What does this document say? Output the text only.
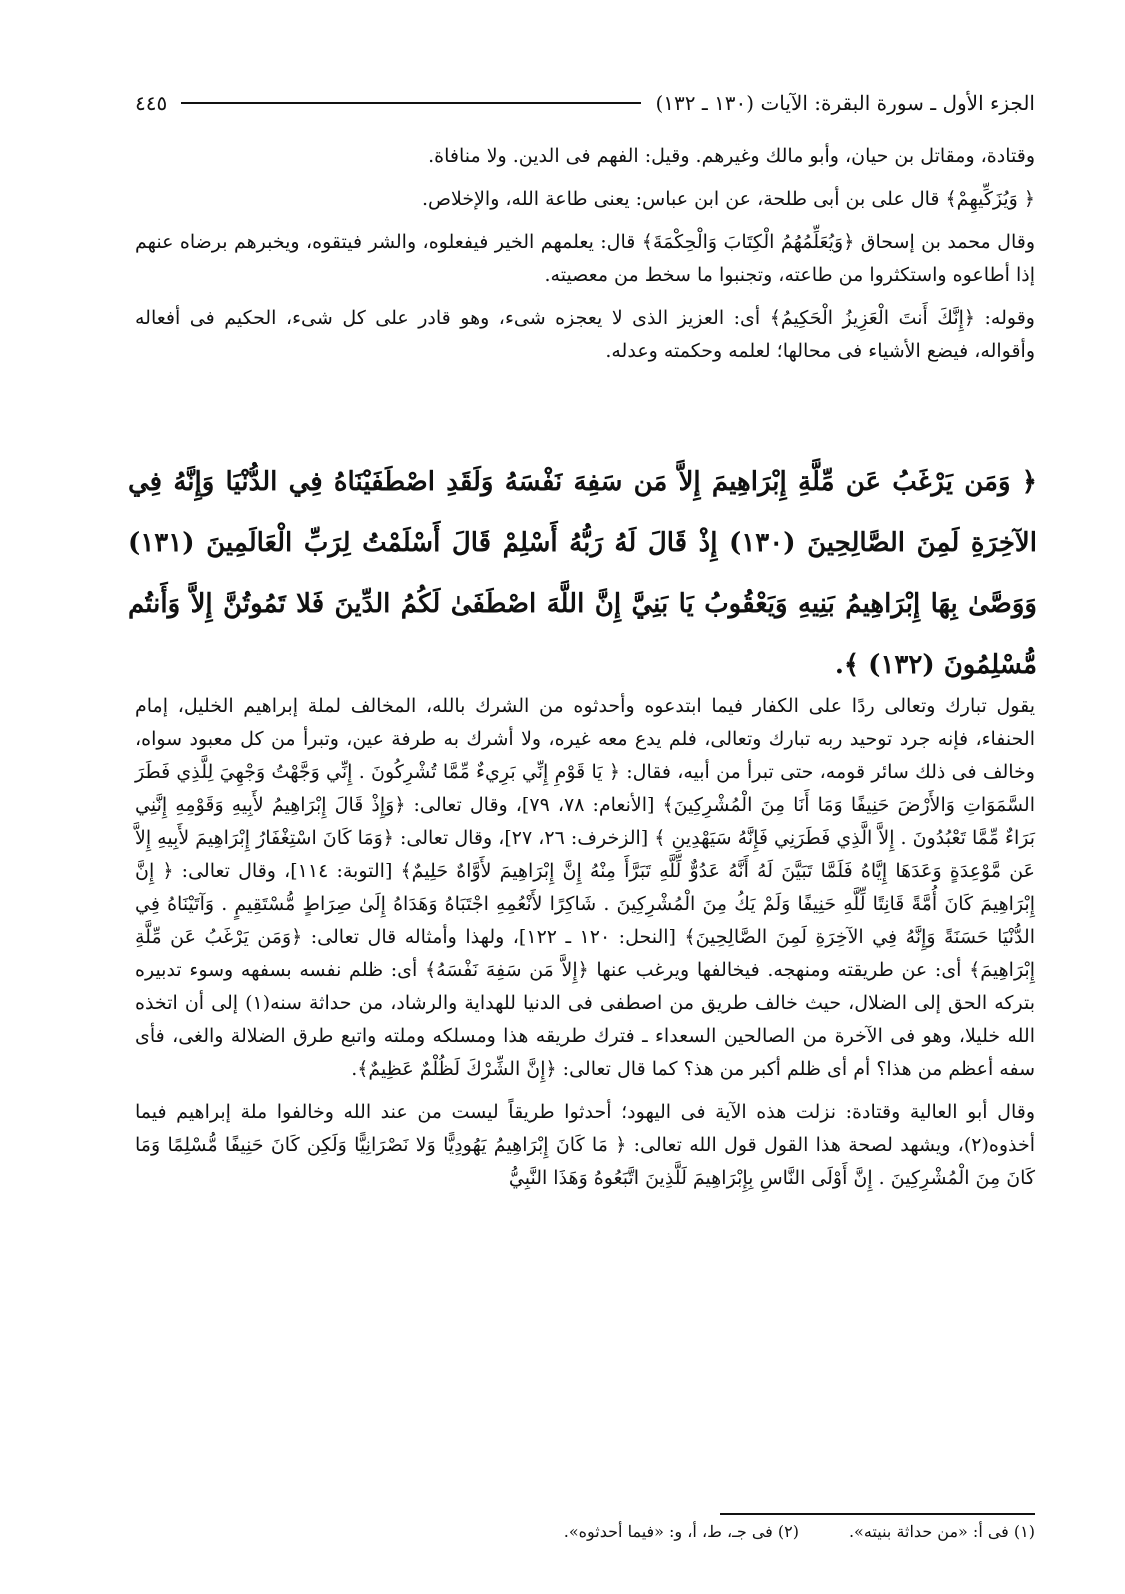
الجزء الأول ـ سورة البقرة: الآيات (١٣٠ ـ ١٣٢)
٤٤٥

وقتادة، ومقاتل بن حيان، وأبو مالك وغيرهم. وقيل: الفهم فى الدين. ولا منافاة.

﴿ وَيُزَكِّيهِمْ﴾ قال على بن أبى طلحة، عن ابن عباس: يعنى طاعة الله، والإخلاص.

وقال محمد بن إسحاق ﴿وَيُعَلِّمُهُمُ الْكِتَابَ وَالْحِكْمَةَ﴾ قال: يعلمهم الخير فيفعلوه، والشر فيتقوه، ويخبرهم برضاه عنهم إذا أطاعوه واستكثروا من طاعته، وتجنبوا ما سخط من معصيته.

وقوله: ﴿إِنَّكَ أَنتَ الْعَزِيزُ الْحَكِيمُ﴾ أى: العزيز الذى لا يعجزه شىء، وهو قادر على كل شىء، الحكيم فى أفعاله وأقواله، فيضع الأشياء فى محالها؛ لعلمه وحكمته وعدله.

﴿ وَمَن يَرْغَبُ عَن مِّلَّةِ إِبْرَاهِيمَ إِلاَّ مَن سَفِهَ نَفْسَهُ وَلَقَدِ اصْطَفَيْنَاهُ فِي الدُّنْيَا وَإِنَّهُ فِي الآخِرَةِ لَمِنَ الصَّالِحِينَ (١٣٠) إِذْ قَالَ لَهُ رَبُّهُ أَسْلِمْ قَالَ أَسْلَمْتُ لِرَبِّ الْعَالَمِينَ (١٣١) وَوَصَّىٰ بِهَا إِبْرَاهِيمُ بَنِيهِ وَيَعْقُوبُ يَا بَنِيَّ إِنَّ اللَّهَ اصْطَفَىٰ لَكُمُ الدِّينَ فَلا تَمُوتُنَّ إِلاَّ وَأَنتُم مُّسْلِمُونَ (١٣٢) ﴾.

يقول تبارك وتعالى ردًا على الكفار فيما ابتدعوه وأحدثوه من الشرك بالله، المخالف لملة إبراهيم الخليل، إمام الحنفاء، فإنه جرد توحيد ربه تبارك وتعالى، فلم يدع معه غيره، ولا أشرك به طرفة عين، وتبرأ من كل معبود سواه، وخالف فى ذلك سائر قومه، حتى تبرأ من أبيه، فقال: ﴿ يَا قَوْمِ إِنِّي بَرِيءٌ مِّمَّا تُشْرِكُونَ . إِنِّي وَجَّهْتُ وَجْهِيَ لِلَّذِي فَطَرَ السَّمَوَاتِ وَالأَرْضَ حَنِيفًا وَمَا أَنَا مِنَ الْمُشْرِكِينَ﴾ [الأنعام: ٧٨، ٧٩]، وقال تعالى: ﴿وَإِذْ قَالَ إِبْرَاهِيمُ لأَبِيهِ وَقَوْمِهِ إِنَّنِي بَرَاءٌ مِّمَّا تَعْبُدُونَ . إِلاَّ الَّذِي فَطَرَنِي فَإِنَّهُ سَيَهْدِينِ ﴾ [الزخرف: ٢٦، ٢٧]، وقال تعالى: ﴿وَمَا كَانَ اسْتِغْفَارُ إِبْرَاهِيمَ لأَبِيهِ إِلاَّ عَن مَّوْعِدَةٍ وَعَدَهَا إِيَّاهُ فَلَمَّا تَبَيَّنَ لَهُ أَنَّهُ عَدُوٌّ لِّلَّهِ تَبَرَّأَ مِنْهُ إِنَّ إِبْرَاهِيمَ لأَوَّاهٌ حَلِيمٌ﴾ [التوبة: ١١٤]، وقال تعالى: ﴿ إِنَّ إِبْرَاهِيمَ كَانَ أُمَّةً قَانِتًا لِّلَّهِ حَنِيفًا وَلَمْ يَكُ مِنَ الْمُشْرِكِينَ . شَاكِرًا لأَنْعُمِهِ اجْتَبَاهُ وَهَدَاهُ إِلَىٰ صِرَاطٍ مُّسْتَقِيمٍ . وَآتَيْنَاهُ فِي الدُّنْيَا حَسَنَةً وَإِنَّهُ فِي الآخِرَةِ لَمِنَ الصَّالِحِينَ﴾ [النحل: ١٢٠ ـ ١٢٢]، ولهذا وأمثاله قال تعالى: ﴿وَمَن يَرْغَبُ عَن مِّلَّةِ إِبْرَاهِيمَ﴾ أى: عن طريقته ومنهجه. فيخالفها ويرغب عنها ﴿إِلاَّ مَن سَفِهَ نَفْسَهُ﴾ أى: ظلم نفسه بسفهه وسوء تدبيره بتركه الحق إلى الضلال، حيث خالف طريق من اصطفى فى الدنيا للهداية والرشاد، من حداثة سنه(١) إلى أن اتخذه الله خليلا، وهو فى الآخرة من الصالحين السعداء ـ فترك طريقه هذا ومسلكه وملته واتبع طرق الضلالة والغى، فأى سفه أعظم من هذا؟ أم أى ظلم أكبر من هذ؟ كما قال تعالى: ﴿إِنَّ الشِّرْكَ لَظُلْمٌ عَظِيمٌ﴾.

وقال أبو العالية وقتادة: نزلت هذه الآية فى اليهود؛ أحدثوا طريقاً ليست من عند الله وخالفوا ملة إبراهيم فيما أخذوه(٢)، ويشهد لصحة هذا القول قول الله تعالى: ﴿ مَا كَانَ إِبْرَاهِيمُ يَهُودِيًّا وَلا نَصْرَانِيًّا وَلَكِن كَانَ حَنِيفًا مُّسْلِمًا وَمَا كَانَ مِنَ الْمُشْرِكِينَ . إِنَّ أَوْلَى النَّاسِ بِإِبْرَاهِيمَ لَلَّذِينَ اتَّبَعُوهُ وَهَذَا النَّبِيُّ

(١) فى أ: «من حداثة بنيته».
(٢) فى جـ، ط، أ، و: «فيما أحدثوه».
